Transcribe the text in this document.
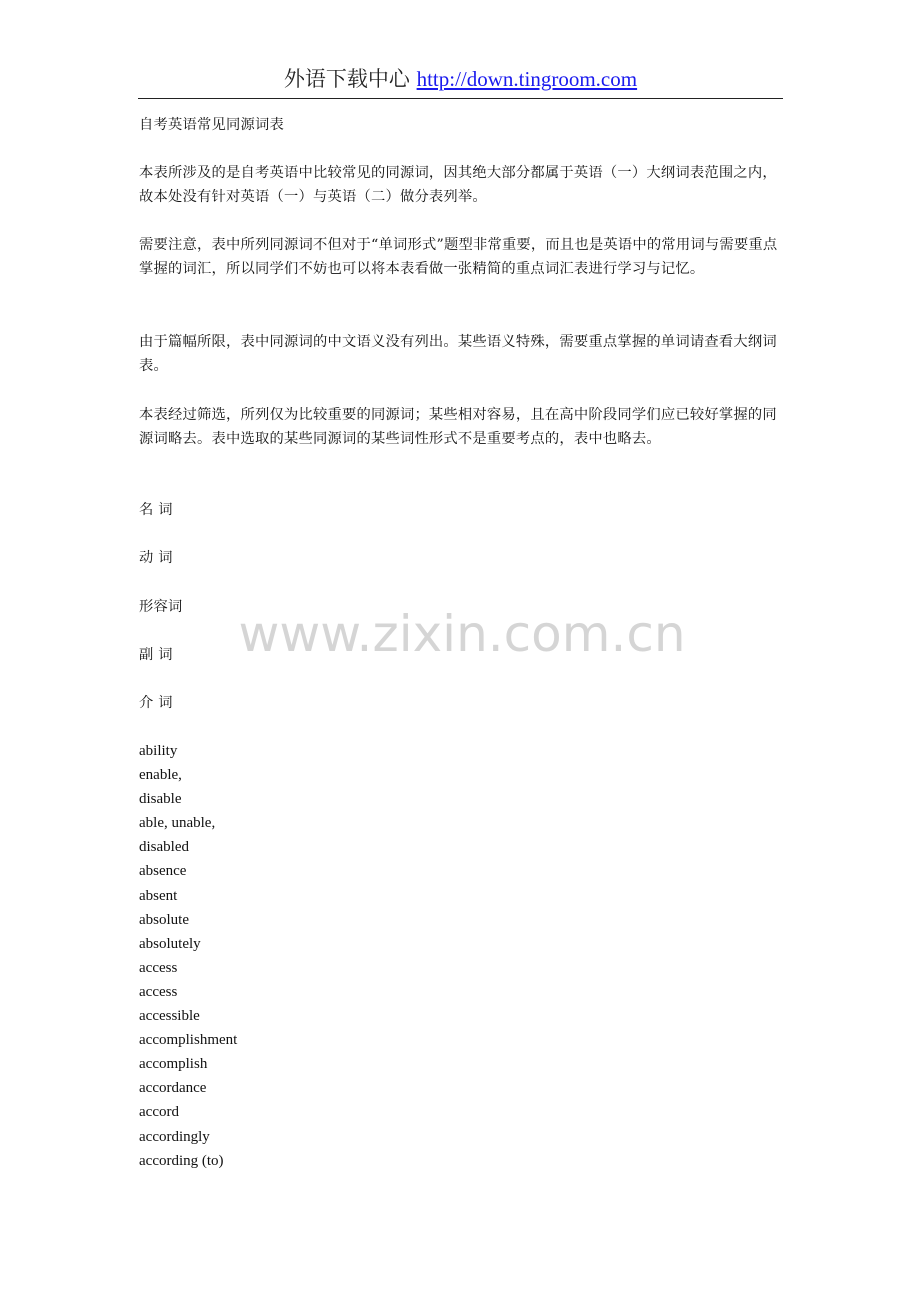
外语下载中心 http://down.tingroom.com

自考英语常见同源词表

本表所涉及的是自考英语中比较常见的同源词，因其绝大部分都属于英语（一）大纲词表范围之内，故本处没有针对英语（一）与英语（二）做分表列举。

需要注意，表中所列同源词不但对于“单词形式”题型非常重要，而且也是英语中的常用词与需要重点掌握的词汇，所以同学们不妨也可以将本表看做一张精简的重点词汇表进行学习与记忆。

由于篇幅所限，表中同源词的中文语义没有列出。某些语义特殊，需要重点掌握的单词请查看大纲词表。

本表经过筛选，所列仅为比较重要的同源词；某些相对容易，且在高中阶段同学们应已较好掌握的同源词略去。表中选取的某些同源词的某些词性形式不是重要考点的，表中也略去。

名 词
动 词
形容词
副 词
介 词
ability
enable,
disable
able, unable,
disabled
absence
absent
absolute
absolutely
access
access
accessible
accomplishment
accomplish
accordance
accord
accordingly
according (to)
www.zixin.com.cn
